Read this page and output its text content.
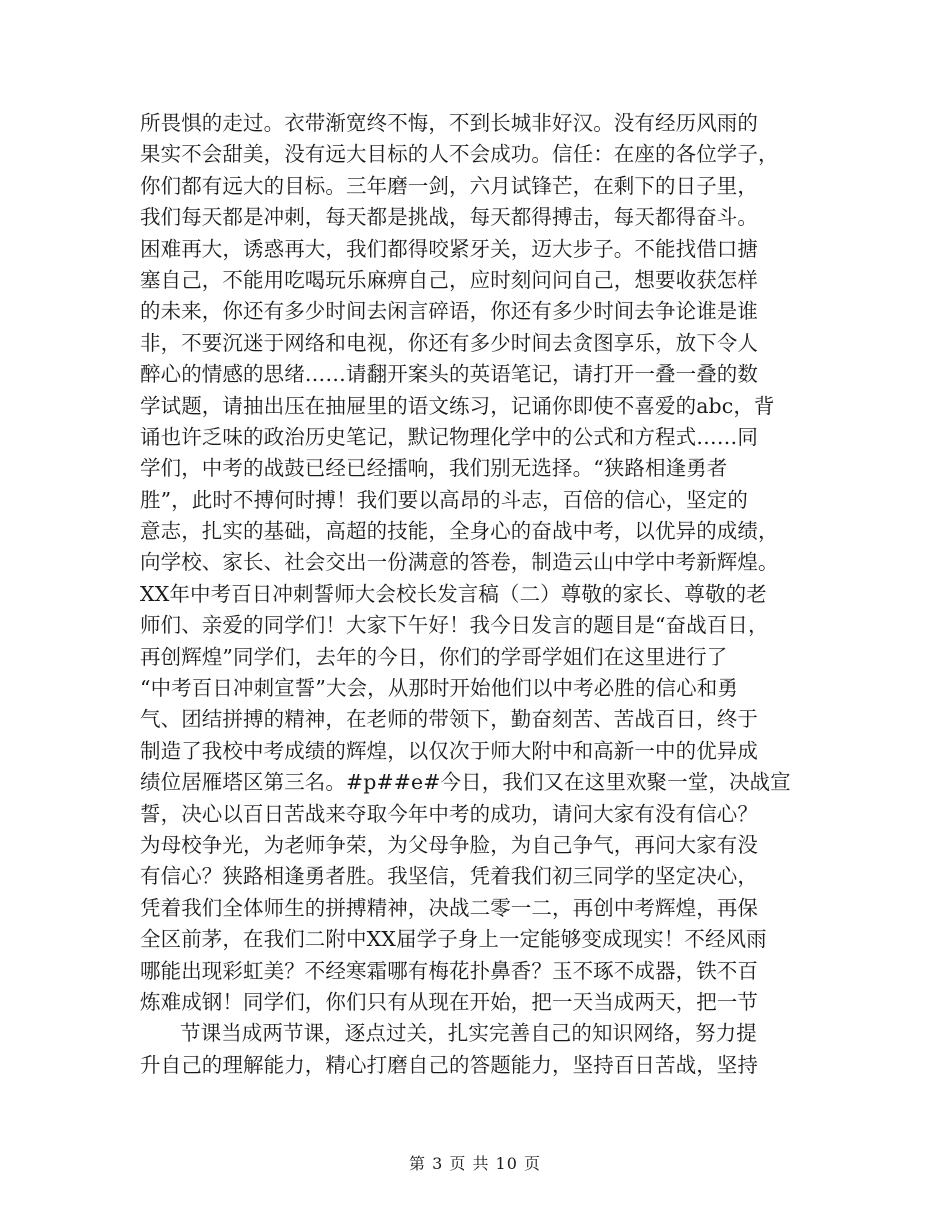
所畏惧的走过。衣带渐宽终不悔，不到长城非好汉。没有经历风雨的
果实不会甜美，没有远大目标的人不会成功。信任：在座的各位学子，
你们都有远大的目标。三年磨一剑，六月试锋芒，在剩下的日子里，
我们每天都是冲刺，每天都是挑战，每天都得搏击，每天都得奋斗。
困难再大，诱惑再大，我们都得咬紧牙关，迈大步子。不能找借口搪
塞自己，不能用吃喝玩乐麻痹自己，应时刻问问自己，想要收获怎样
的未来，你还有多少时间去闲言碎语，你还有多少时间去争论谁是谁
非，不要沉迷于网络和电视，你还有多少时间去贪图享乐，放下令人
醉心的情感的思绪……请翻开案头的英语笔记，请打开一叠一叠的数
学试题，请抽出压在抽屉里的语文练习，记诵你即使不喜爱的abc，背
诵也许乏味的政治历史笔记，默记物理化学中的公式和方程式……同
学们，中考的战鼓已经已经擂响，我们别无选择。“狭路相逢勇者
胜”，此时不搏何时搏！我们要以高昂的斗志，百倍的信心，坚定的
意志，扎实的基础，高超的技能，全身心的奋战中考，以优异的成绩，
向学校、家长、社会交出一份满意的答卷，制造云山中学中考新辉煌。
XX年中考百日冲刺誓师大会校长发言稿（二）尊敬的家长、尊敬的老
师们、亲爱的同学们！大家下午好！我今日发言的题目是“奋战百日，
再创辉煌”同学们，去年的今日，你们的学哥学姐们在这里进行了
“中考百日冲刺宣誓”大会，从那时开始他们以中考必胜的信心和勇
气、团结拼搏的精神，在老师的带领下，勤奋刻苦、苦战百日，终于
制造了我校中考成绩的辉煌，以仅次于师大附中和高新一中的优异成
绩位居雁塔区第三名。#p##e#今日，我们又在这里欢聚一堂，决战宣
誓，决心以百日苦战来夺取今年中考的成功，请问大家有没有信心？
为母校争光，为老师争荣，为父母争脸，为自己争气，再问大家有没
有信心？狭路相逢勇者胜。我坚信，凭着我们初三同学的坚定决心，
凭着我们全体师生的拼搏精神，决战二零一二，再创中考辉煌，再保
全区前茅，在我们二附中XX届学子身上一定能够变成现实！不经风雨
哪能出现彩虹美？不经寒霜哪有梅花扑鼻香？玉不琢不成器，铁不百
炼难成钢！同学们，你们只有从现在开始，把一天当成两天，把一节
节课当成两节课，逐点过关，扎实完善自己的知识网络，努力提
升自己的理解能力，精心打磨自己的答题能力，坚持百日苦战，坚持
第 3 页 共 10 页
